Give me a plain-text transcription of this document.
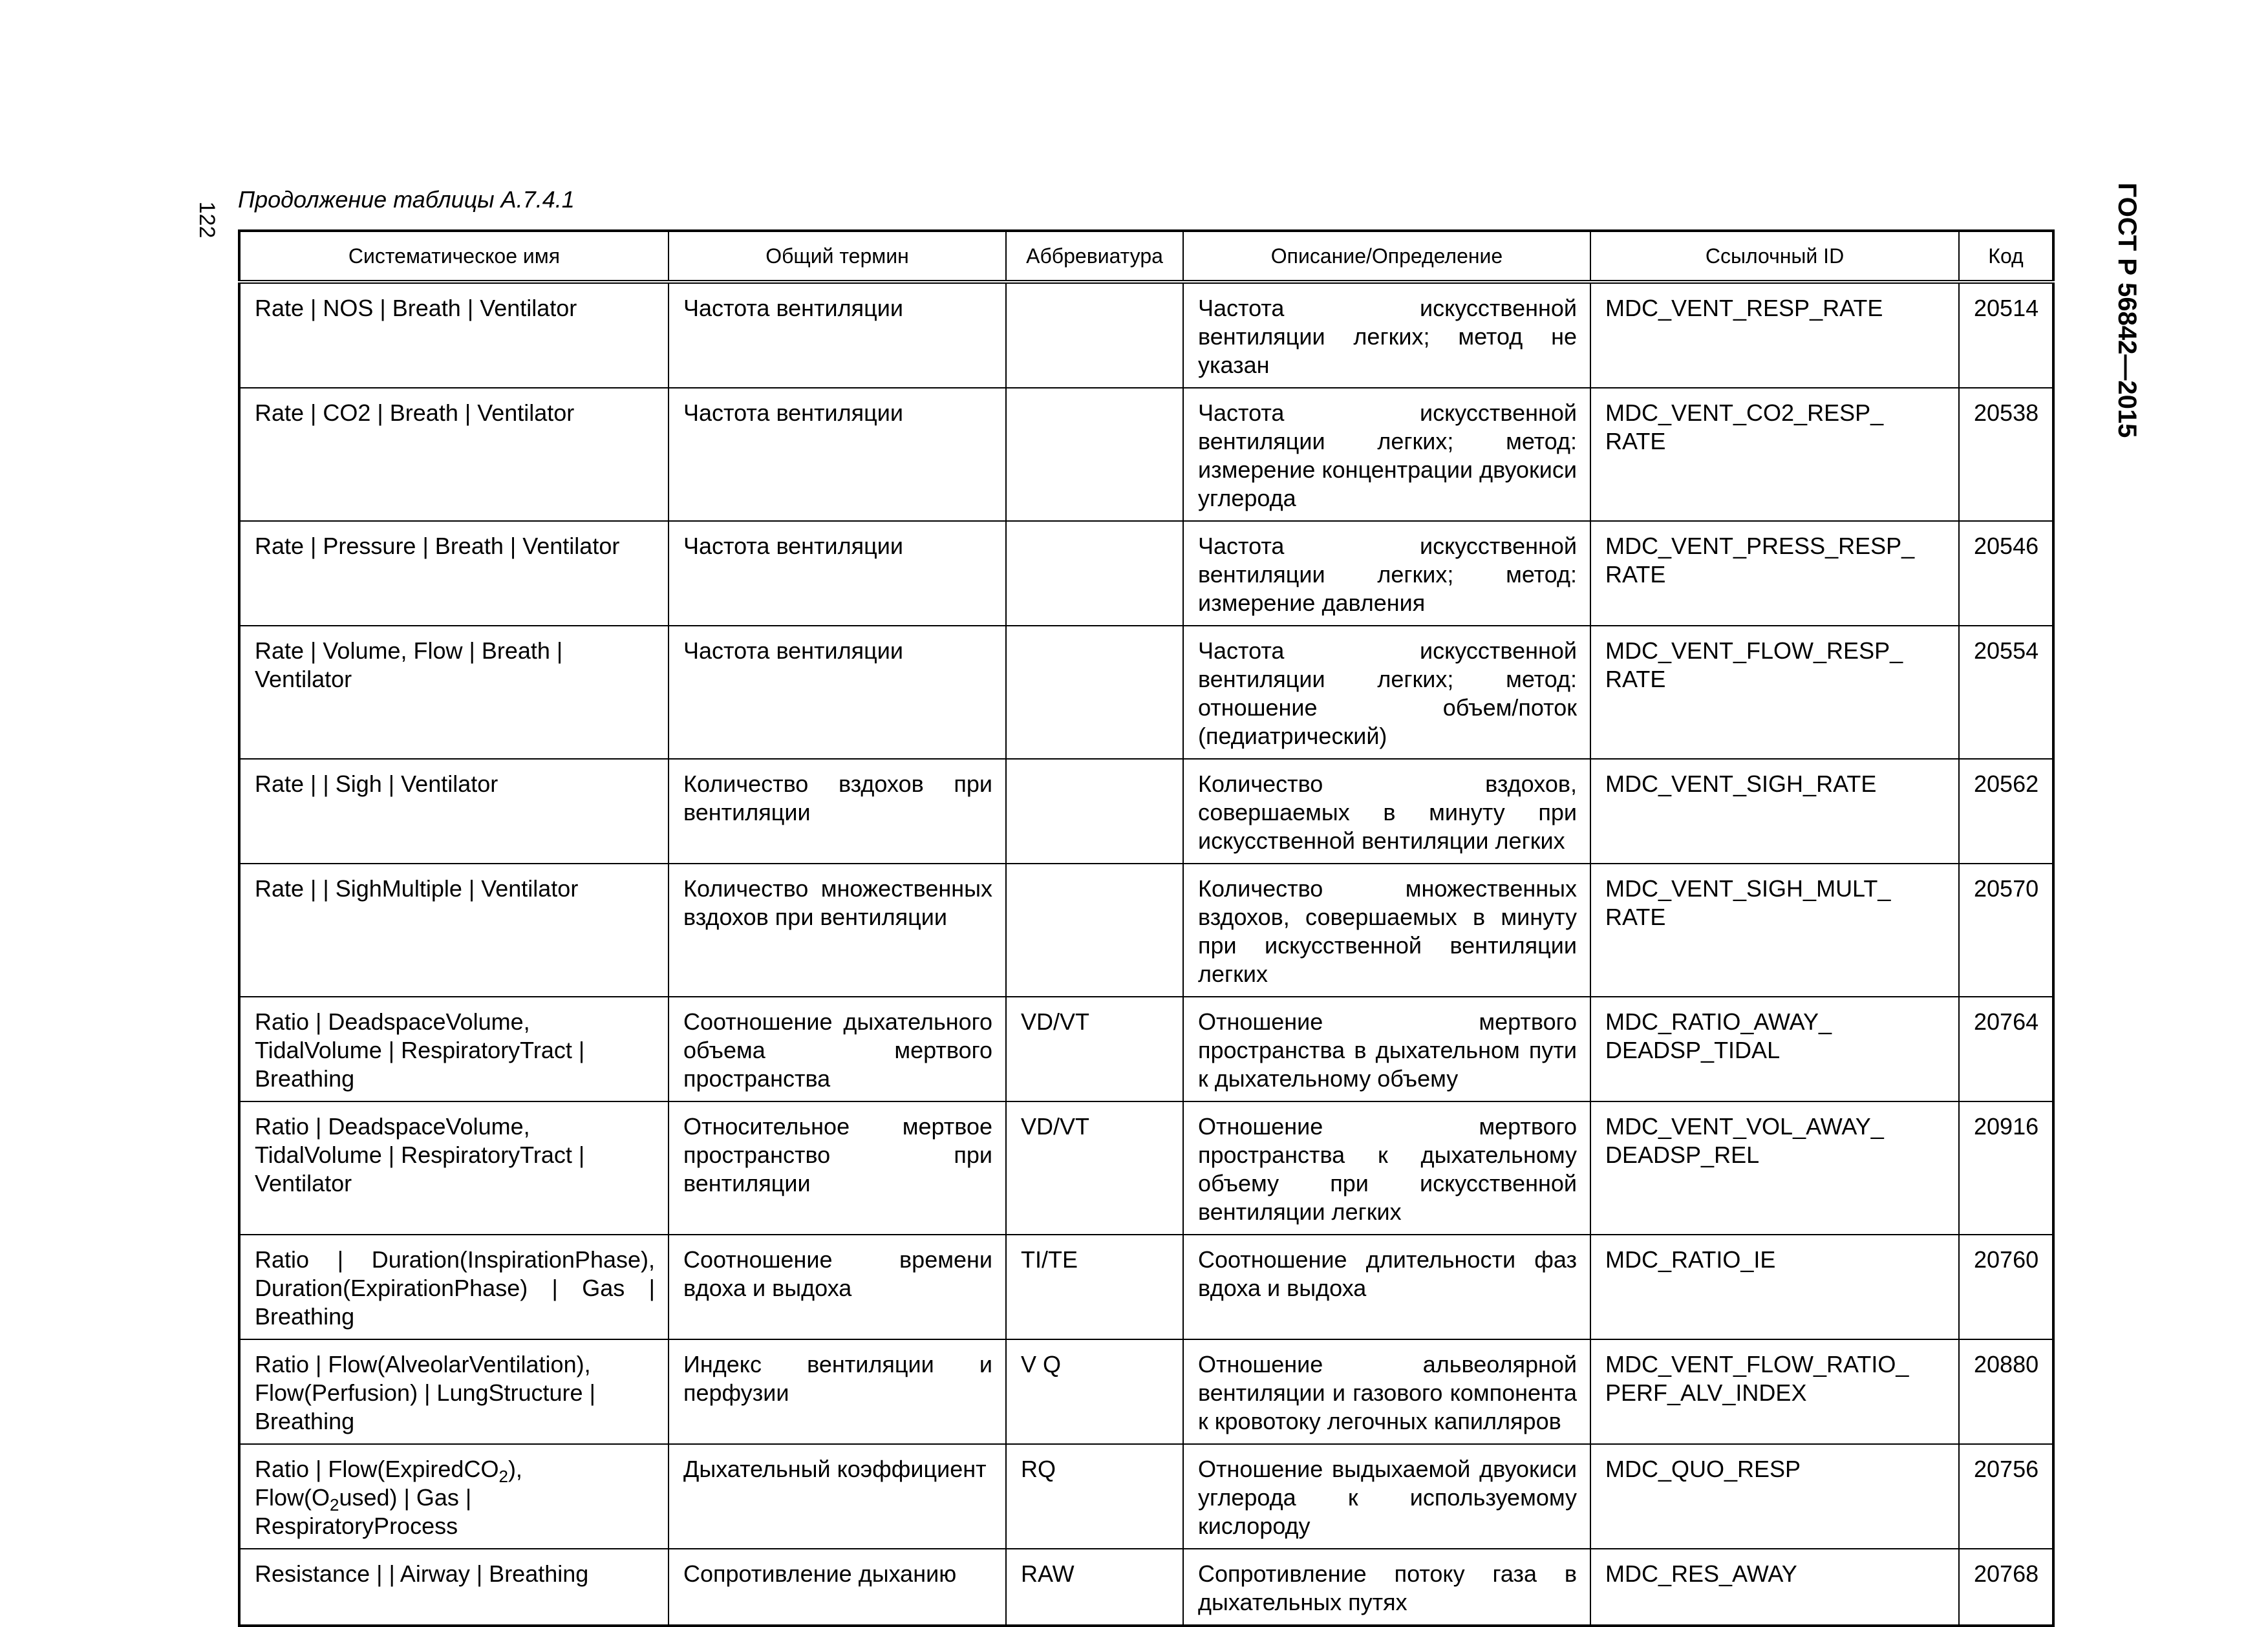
122	ГОСТ Р 56842—2015
Продолжение таблицы А.7.4.1
Систематическое имя	Общий термин	Аббревиатура	Описание/Определение	Ссылочный ID	Код
Rate | NOS | Breath | Ventilator	Частота вентиляции		Частота искусственной вентиляции легких; метод не указан	MDC_VENT_RESP_RATE	20514
Rate | CO2 | Breath | Ventilator	Частота вентиляции		Частота искусственной вентиляции легких; метод: измерение концентрации двуокиси углерода	MDC_VENT_CO2_RESP_ RATE	20538
Rate | Pressure | Breath | Ventilator	Частота вентиляции		Частота искусственной вентиляции легких; метод: измерение давления	MDC_VENT_PRESS_RESP_ RATE	20546
Rate | Volume, Flow | Breath | Ventilator	Частота вентиляции		Частота искусственной вентиляции легких; метод: отношение объем/поток (педиатрический)	MDC_VENT_FLOW_RESP_ RATE	20554
Rate | | Sigh | Ventilator	Количество вздохов при вентиляции		Количество вздохов, совершаемых в минуту при искусственной вентиляции легких	MDC_VENT_SIGH_RATE	20562
Rate | | SighMultiple | Ventilator	Количество множественных вздохов при вентиляции		Количество множественных вздохов, совершаемых в минуту при искусственной вентиляции легких	MDC_VENT_SIGH_MULT_ RATE	20570
Ratio | DeadspaceVolume, TidalVolume | RespiratoryTract | Breathing	Соотношение дыхательного объема мертвого пространства	VD/VT	Отношение мертвого пространства в дыхательном пути к дыхательному объему	MDC_RATIO_AWAY_ DEADSP_TIDAL	20764
Ratio | DeadspaceVolume, TidalVolume | RespiratoryTract | Ventilator	Относительное мертвое пространство при вентиляции	VD/VT	Отношение мертвого пространства к дыхательному объему при искусственной вентиляции легких	MDC_VENT_VOL_AWAY_ DEADSP_REL	20916
Ratio | Duration(InspirationPhase), Duration(ExpirationPhase) | Gas | Breathing	Соотношение времени вдоха и выдоха	TI/TE	Соотношение длительности фаз вдоха и выдоха	MDC_RATIO_IE	20760
Ratio | Flow(AlveolarVentilation), Flow(Perfusion) | LungStructure | Breathing	Индекс вентиляции и перфузии	V Q	Отношение альвеолярной вентиляции и газового компонента к кровотоку легочных капилляров	MDC_VENT_FLOW_RATIO_ PERF_ALV_INDEX	20880
Ratio | Flow(ExpiredCO$_2$), $Flow(O_2used)$ | Gas | RespiratoryProcess	Дыхательный коэффициент	RQ	Отношение выдыхаемой двуокиси углерода к используемому кислороду	MDC_QUO_RESP	20756
Resistance | | Airway | Breathing	Сопротивление дыханию	RAW	Сопротивление потоку газа в дыхательных путях	MDC_RES_AWAY	20768
